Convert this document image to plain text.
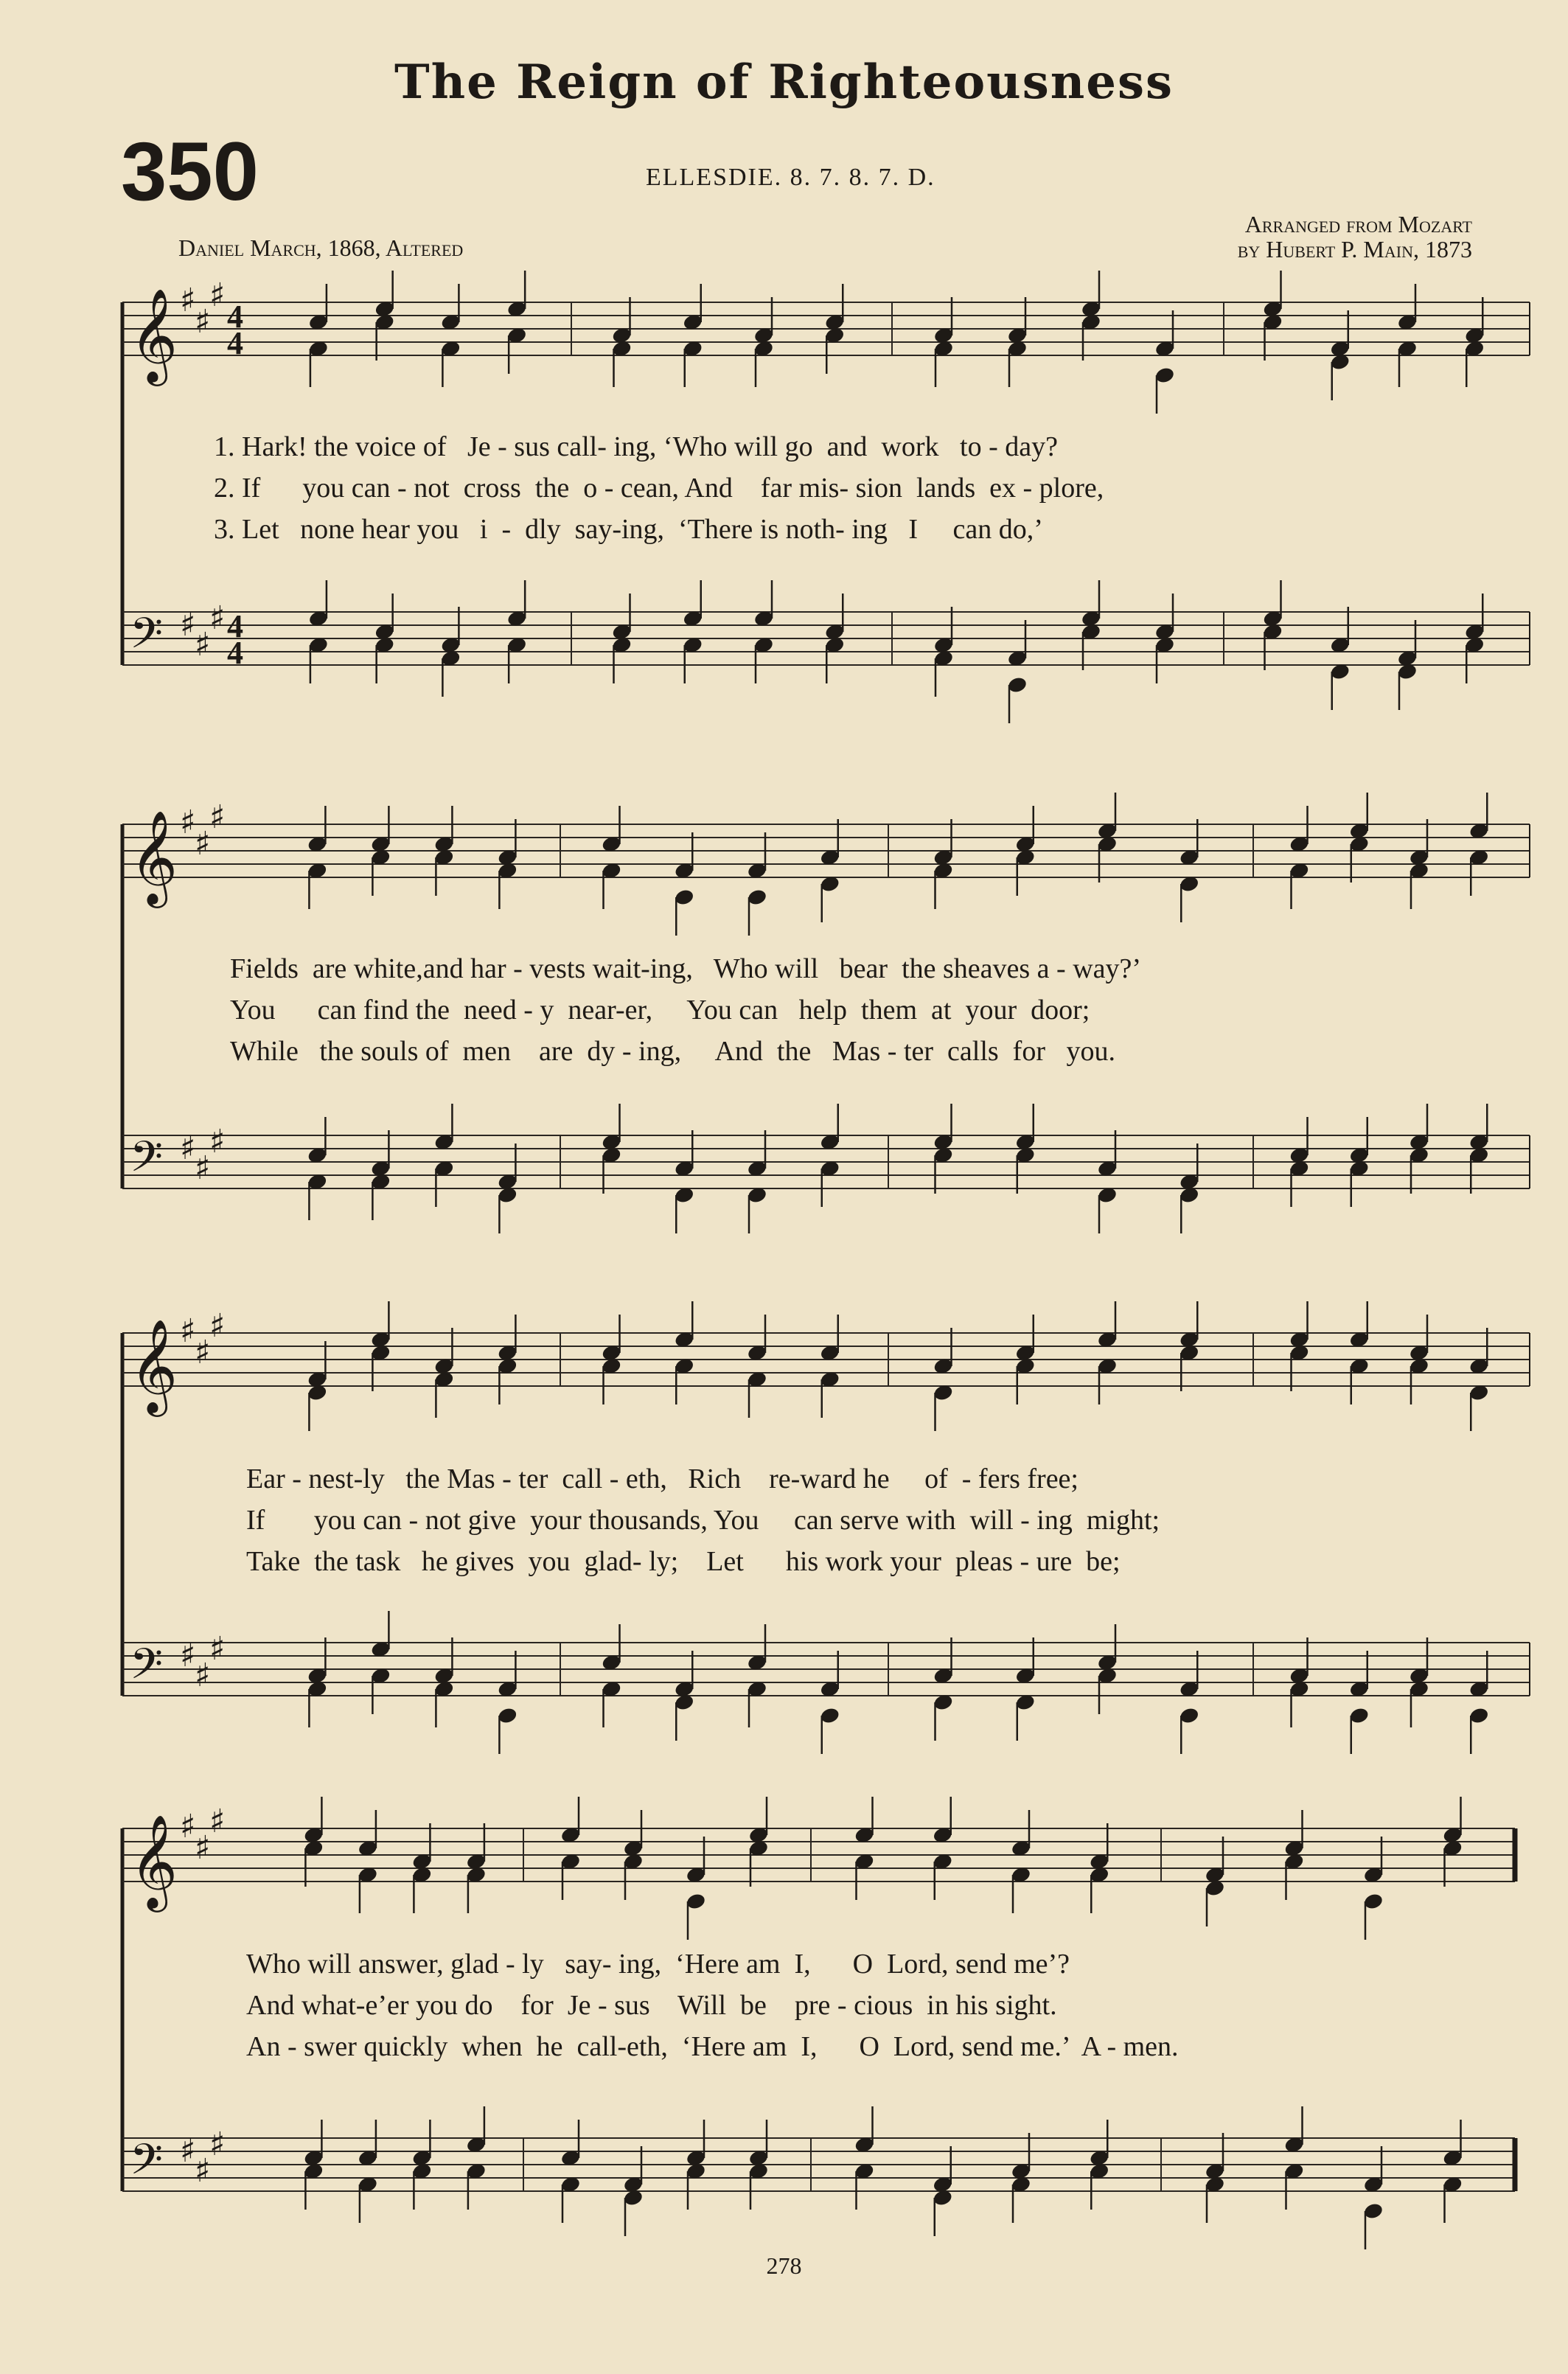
The Reign of Righteousness
350	ELLESDIE. 8. 7. 8. 7. D.
Daniel March, 1868, Altered
Arranged from Mozart
by Hubert P. Main, 1873
𝄞 ♯
♯
♯
4
4
𝄢 ♯
♯
♯ 4
4
𝄞 ♯
♯
♯
𝄢 ♯
♯
♯
𝄞 ♯
♯
♯
𝄢 ♯
♯
♯
𝄞 ♯
♯
♯
𝄢 ♯
♯
♯
1. Hark! the voice of   Je - sus call- ing, ‘Who will go  and  work   to - day?
2. If      you can - not  cross  the  o - cean, And    far mis- sion  lands  ex - plore,
3. Let   none hear you   i  -  dly  say-ing,  ‘There is noth- ing   I     can do,’
Fields  are white,and har - vests wait-ing,   Who will   bear  the sheaves a - way?’
You      can find the  need - y  near-er,     You can   help  them  at  your  door;
While   the souls of  men    are  dy - ing,     And  the   Mas - ter  calls  for   you.
Ear - nest-ly   the Mas - ter  call - eth,   Rich    re-ward he     of  - fers free;
If       you can - not give  your thousands, You     can serve with  will - ing  might;
Take  the task   he gives  you  glad- ly;    Let      his work your  pleas - ure  be;
Who will answer, glad - ly   say- ing,  ‘Here am  I,      O  Lord, send me’?
And what-e’er you do    for  Je - sus    Will  be    pre - cious  in his sight.
An - swer quickly  when  he  call-eth,  ‘Here am  I,      O  Lord, send me.’  A - men.
278
